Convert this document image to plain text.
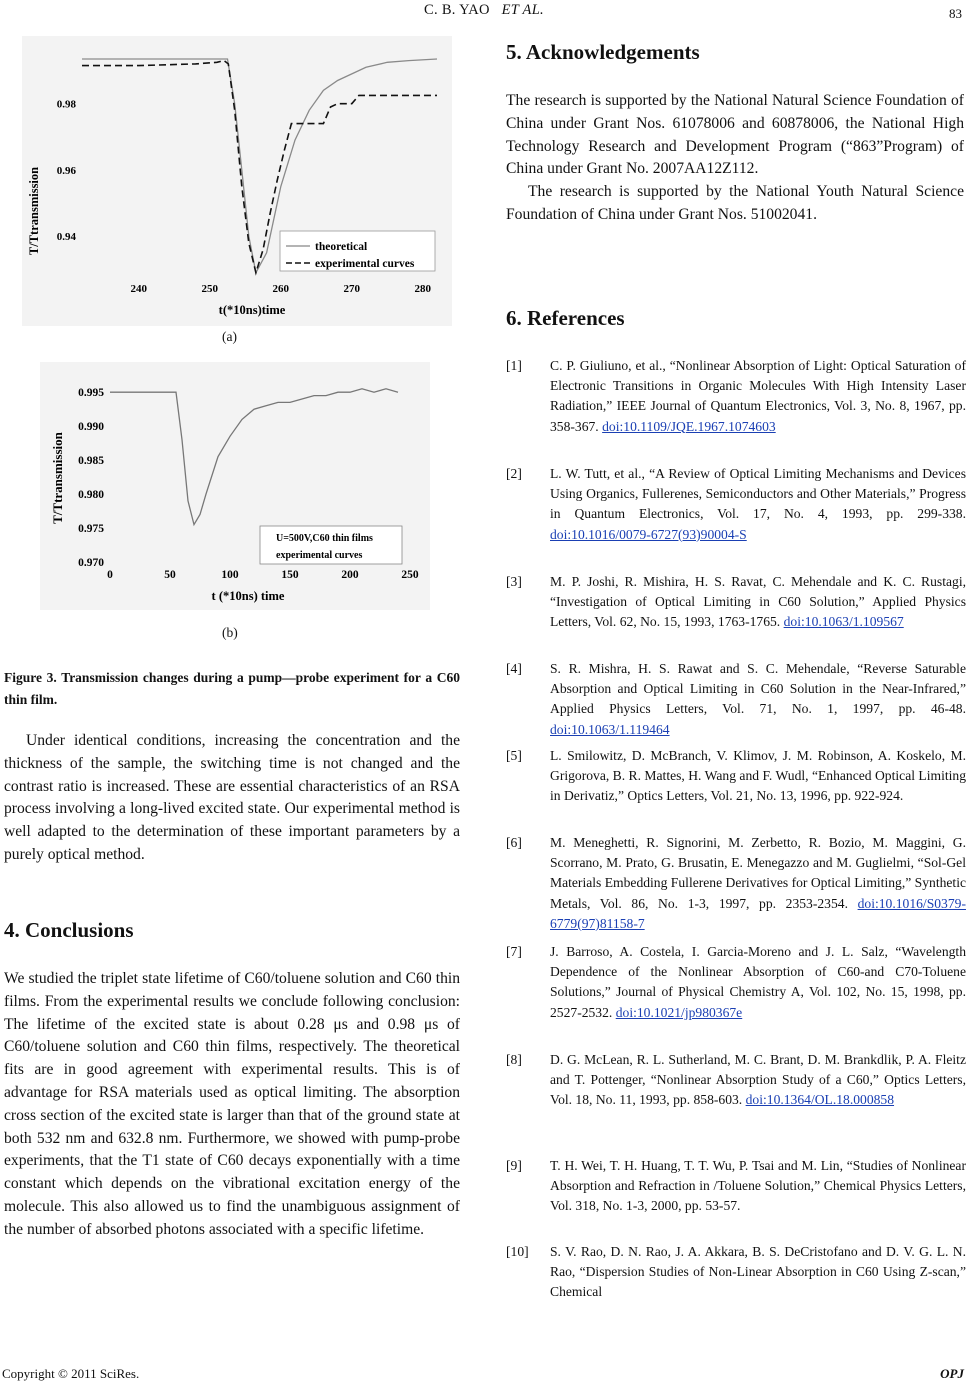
C. B. YAO ET AL.	83
240	250	260	270	280
0.94
0.96
0.98
T/Ttransmission
t(*10ns)time
theoretical
experimental curves
(a)
0	50	100	150	200	250
0.970
0.975
0.980
0.985
0.990
0.995
T/Ttransmission
t (*10ns) time
U=500V,C60 thin films
experimental curves
(b)
Figure 3. Transmission changes during a pump—probe experiment for a C60 thin film.

Under identical conditions, increasing the concentration and the thickness of the sample, the switching time is not changed and the contrast ratio is increased. These are essential characteristics of an RSA process involving a long-lived excited state. Our experimental method is well adapted to the determination of these important parameters by a purely optical method.

4. Conclusions

We studied the triplet state lifetime of C60/toluene solution and C60 thin films. From the experimental results we conclude following conclusion: The lifetime of the excited state is about 0.28 μs and 0.98 μs of C60/toluene solution and C60 thin films, respectively. The theoretical fits are in good agreement with experimental results. This is of advantage for RSA materials used as optical limiting. The absorption cross section of the excited state is larger than that of the ground state at both 532 nm and 632.8 nm. Furthermore, we showed with pump-probe experiments, that the T1 state of C60 decays exponentially with a time constant which depends on the vibrational excitation energy of the molecule. This also allowed us to find the unambiguous assignment of the number of absorbed photons associated with a specific lifetime.

5. Acknowledgements

The research is supported by the National Natural Science Foundation of China under Grant Nos. 61078006 and 60878006, the National High Technology Research and Development Program (“863”Program) of China under Grant No. 2007AA12Z112.

The research is supported by the National Youth Natural Science Foundation of China under Grant Nos. 51002041.

6. References
[1] C. P. Giuliuno, et al., “Nonlinear Absorption of Light: Optical Saturation of Electronic Transitions in Organic Molecules With High Intensity Laser Radiation,” IEEE Journal of Quantum Electronics, Vol. 3, No. 8, 1967, pp. 358-367. doi:10.1109/JQE.1967.1074603
[2] L. W. Tutt, et al., “A Review of Optical Limiting Mechanisms and Devices Using Organics, Fullerenes, Semiconductors and Other Materials,” Progress in Quantum Electronics, Vol. 17, No. 4, 1993, pp. 299-338. doi:10.1016/0079-6727(93)90004-S
[3] M. P. Joshi, R. Mishira, H. S. Ravat, C. Mehendale and K. C. Rustagi, “Investigation of Optical Limiting in C60 Solution,” Applied Physics Letters, Vol. 62, No. 15, 1993, 1763-1765. doi:10.1063/1.109567
[4] S. R. Mishra, H. S. Rawat and S. C. Mehendale, “Reverse Saturable Absorption and Optical Limiting in C60 Solution in the Near-Infrared,” Applied Physics Letters, Vol. 71, No. 1, 1997, pp. 46-48. doi:10.1063/1.119464
[5] L. Smilowitz, D. McBranch, V. Klimov, J. M. Robinson, A. Koskelo, M. Grigorova, B. R. Mattes, H. Wang and F. Wudl, “Enhanced Optical Limiting in Derivatiz,” Optics Letters, Vol. 21, No. 13, 1996, pp. 922-924.
[6] M. Meneghetti, R. Signorini, M. Zerbetto, R. Bozio, M. Maggini, G. Scorrano, M. Prato, G. Brusatin, E. Menegazzo and M. Guglielmi, “Sol-Gel Materials Embedding Fullerene Derivatives for Optical Limiting,” Synthetic Metals, Vol. 86, No. 1-3, 1997, pp. 2353-2354. doi:10.1016/S0379-6779(97)81158-7
[7] J. Barroso, A. Costela, I. Garcia-Moreno and J. L. Salz, “Wavelength Dependence of the Nonlinear Absorption of C60-and C70-Toluene Solutions,” Journal of Physical Chemistry A, Vol. 102, No. 15, 1998, pp. 2527-2532. doi:10.1021/jp980367e
[8] D. G. McLean, R. L. Sutherland, M. C. Brant, D. M. Brankdlik, P. A. Fleitz and T. Pottenger, “Nonlinear Absorption Study of a C60,” Optics Letters, Vol. 18, No. 11, 1993, pp. 858-603. doi:10.1364/OL.18.000858
[9] T. H. Wei, T. H. Huang, T. T. Wu, P. Tsai and M. Lin, “Studies of Nonlinear Absorption and Refraction in /Toluene Solution,” Chemical Physics Letters, Vol. 318, No. 1-3, 2000, pp. 53-57.
[10] S. V. Rao, D. N. Rao, J. A. Akkara, B. S. DeCristofano and D. V. G. L. N. Rao, “Dispersion Studies of Non-Linear Absorption in C60 Using Z-scan,” Chemical
Copyright © 2011 SciRes.	OPJ
